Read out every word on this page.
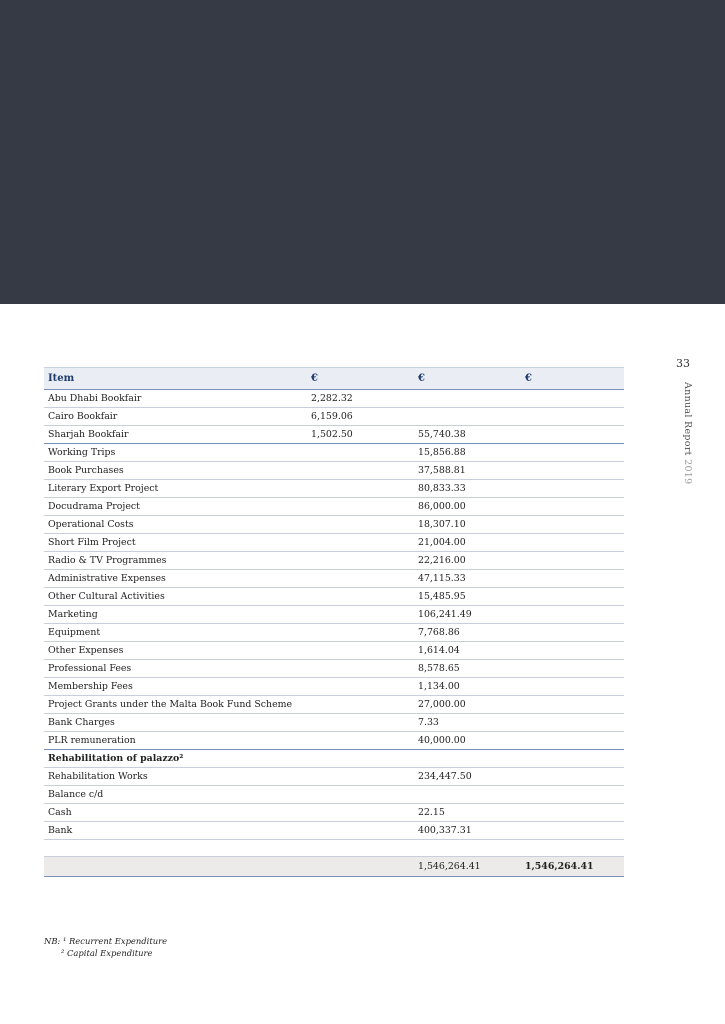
33
Annual Report 2019
Item	€	€	€
Abu Dhabi Bookfair	2,282.32		
Cairo Bookfair	6,159.06		
Sharjah Bookfair	1,502.50	55,740.38	
Working Trips		15,856.88	
Book Purchases		37,588.81	
Literary Export Project		80,833.33	
Docudrama Project		86,000.00	
Operational Costs		18,307.10	
Short Film Project		21,004.00	
Radio & TV Programmes		22,216.00	
Administrative Expenses		47,115.33	
Other Cultural Activities		15,485.95	
Marketing		106,241.49	
Equipment		7,768.86	
Other Expenses		1,614.04	
Professional Fees		8,578.65	
Membership Fees		1,134.00	
Project Grants under the Malta Book Fund Scheme		27,000.00	
Bank Charges		7.33	
PLR remuneration		40,000.00	
Rehabilitation of palazzo²			
Rehabilitation Works		234,447.50	
Balance c/d			
Cash		22.15	
Bank		400,337.31	

		1,546,264.41	1,546,264.41
NB: ¹ Recurrent Expenditure
² Capital Expenditure
